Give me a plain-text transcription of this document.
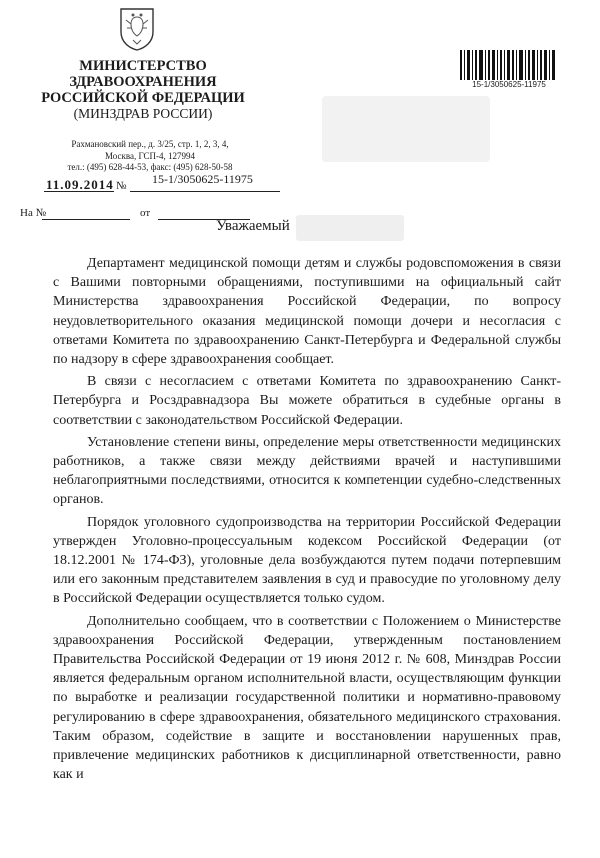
МИНИСТЕРСТВО
ЗДРАВООХРАНЕНИЯ
РОССИЙСКОЙ ФЕДЕРАЦИИ
(МИНЗДРАВ РОССИИ)
Рахмановский пер., д. 3/25, стр. 1, 2, 3, 4,
Москва, ГСП-4, 127994
тел.: (495) 628-44-53, факс: (495) 628-50-58
11.09.2014 № 15-1/3050625-11975
На №	от
15-1/3050625-11975
Уважаемый

Департамент медицинской помощи детям и службы родовспоможения в связи с Вашими повторными обращениями, поступившими на официальный сайт Министерства здравоохранения Российской Федерации, по вопросу неудовлетворительного оказания медицинской помощи дочери и несогласия с ответами Комитета по здравоохранению Санкт-Петербурга и Федеральной службы по надзору в сфере здравоохранения сообщает.

В связи с несогласием с ответами Комитета по здравоохранению Санкт-Петербурга и Росздравнадзора Вы можете обратиться в судебные органы в соответствии с законодательством Российской Федерации.

Установление степени вины, определение меры ответственности медицинских работников, а также связи между действиями врачей и наступившими неблагоприятными последствиями, относится к компетенции судебно-следственных органов.

Порядок уголовного судопроизводства на территории Российской Федерации утвержден Уголовно-процессуальным кодексом Российской Федерации (от 18.12.2001 № 174-ФЗ), уголовные дела возбуждаются путем подачи потерпевшим или его законным представителем заявления в суд и правосудие по уголовному делу в Российской Федерации осуществляется только судом.

Дополнительно сообщаем, что в соответствии с Положением о Министерстве здравоохранения Российской Федерации, утвержденным постановлением Правительства Российской Федерации от 19 июня 2012 г. № 608, Минздрав России является федеральным органом исполнительной власти, осуществляющим функции по выработке и реализации государственной политики и нормативно-правовому регулированию в сфере здравоохранения, обязательного медицинского страхования. Таким образом, содействие в защите и восстановлении нарушенных прав, привлечение медицинских работников к дисциплинарной ответственности, равно как и
